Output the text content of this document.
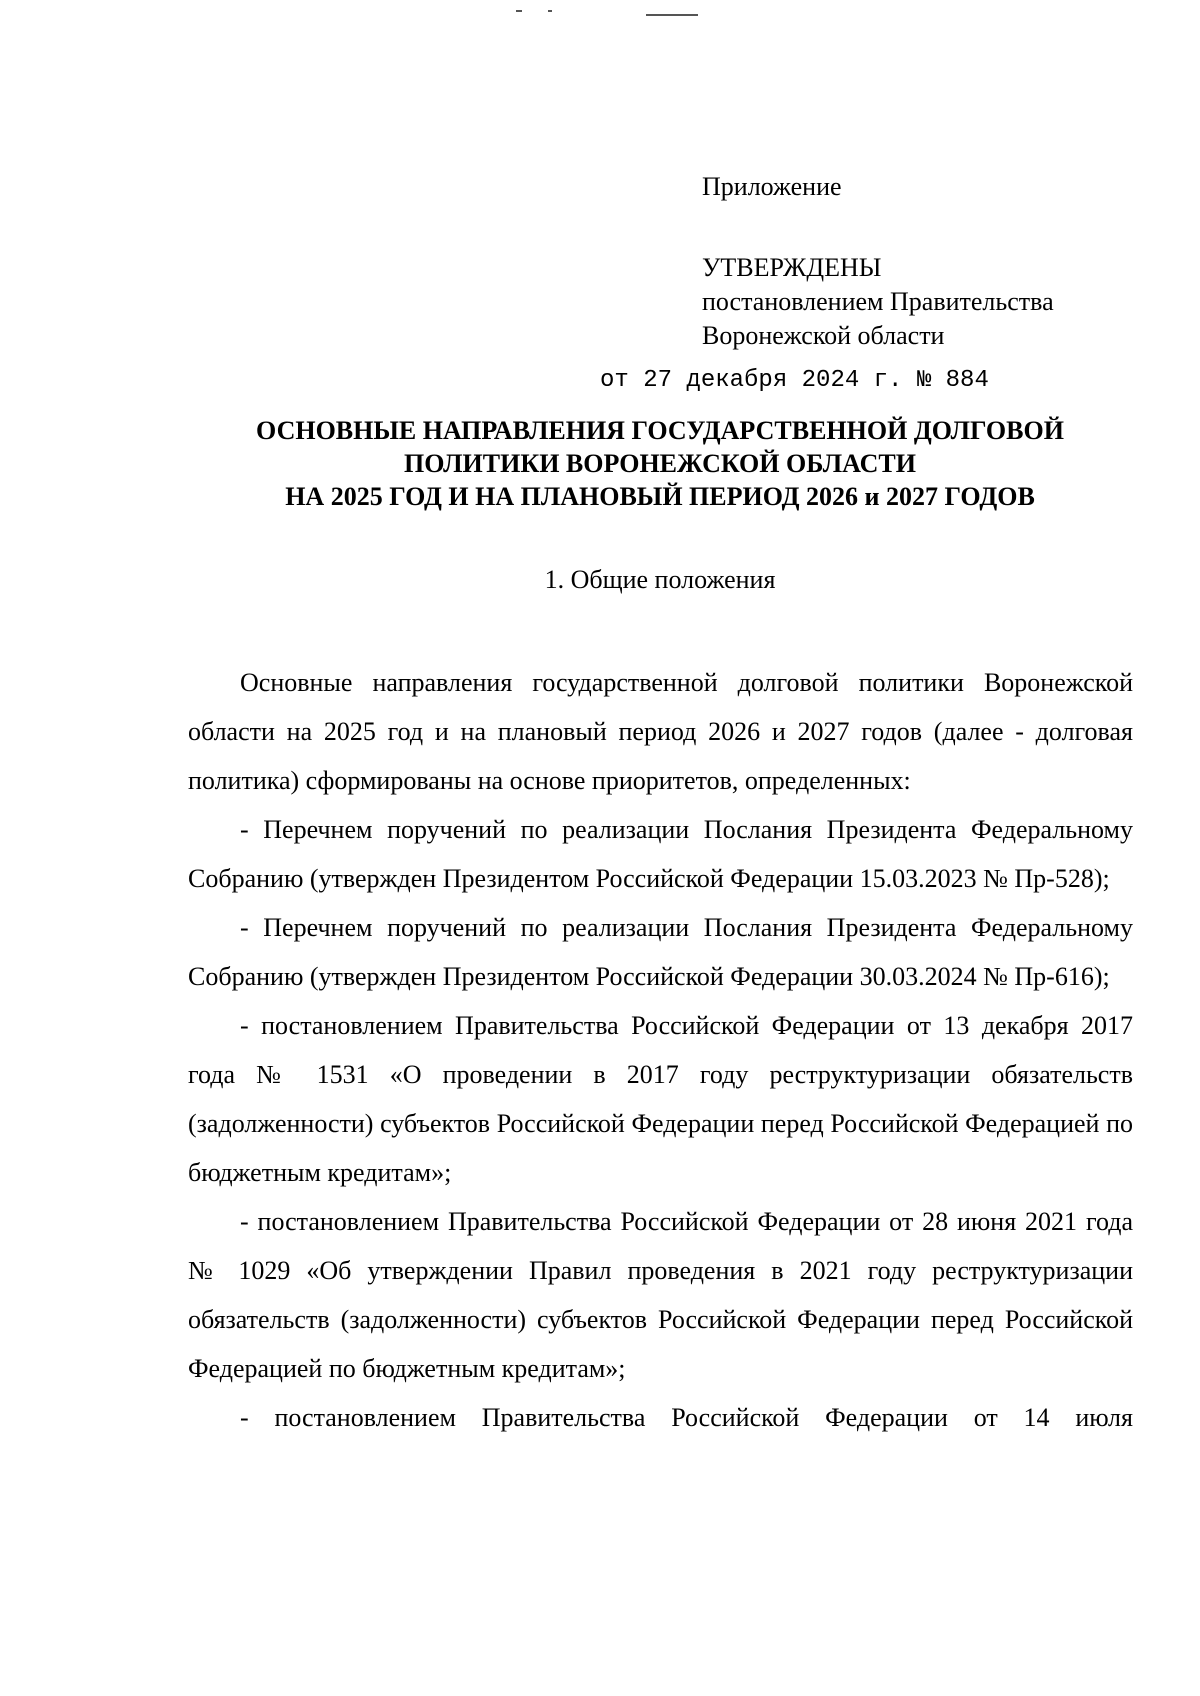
Приложение
УТВЕРЖДЕНЫ
постановлением Правительства
Воронежской области
от 27 декабря 2024 г. № 884
ОСНОВНЫЕ НАПРАВЛЕНИЯ ГОСУДАРСТВЕННОЙ ДОЛГОВОЙ
ПОЛИТИКИ ВОРОНЕЖСКОЙ ОБЛАСТИ
НА 2025 ГОД И НА ПЛАНОВЫЙ ПЕРИОД 2026 и 2027 ГОДОВ
1. Общие положения

Основные направления государственной долговой политики Воронежской области на 2025 год и на плановый период 2026 и 2027 годов (далее - долговая политика) сформированы на основе приоритетов, определенных:

- Перечнем поручений по реализации Послания Президента Федеральному Собранию (утвержден Президентом Российской Федерации 15.03.2023 № Пр-528);

- Перечнем поручений по реализации Послания Президента Федеральному Собранию (утвержден Президентом Российской Федерации 30.03.2024 № Пр-616);

- постановлением Правительства Российской Федерации от 13 декабря 2017 года № 1531 «О проведении в 2017 году реструктуризации обязательств (задолженности) субъектов Российской Федерации перед Российской Федерацией по бюджетным кредитам»;

- постановлением Правительства Российской Федерации от 28 июня 2021 года № 1029 «Об утверждении Правил проведения в 2021 году реструктуризации обязательств (задолженности) субъектов Российской Федерации перед Российской Федерацией по бюджетным кредитам»;

- постановлением Правительства Российской Федерации от 14 июля
